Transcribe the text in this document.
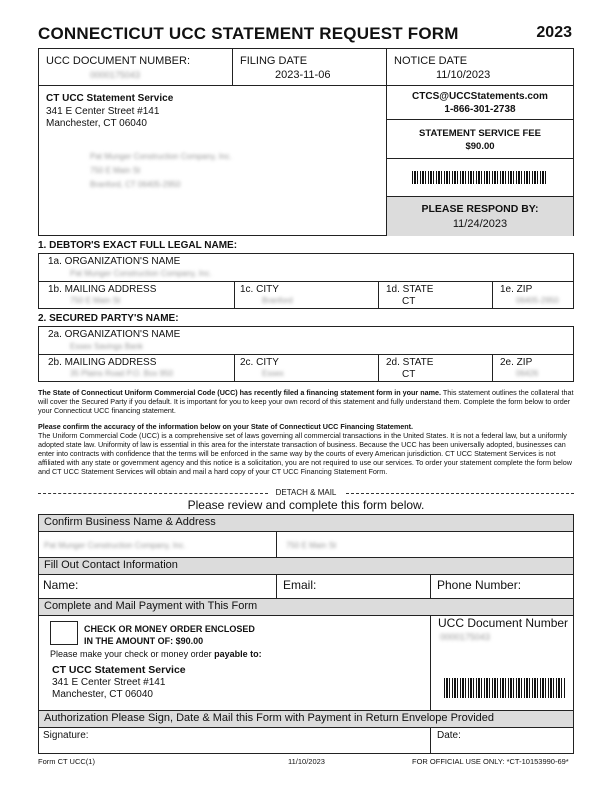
CONNECTICUT UCC STATEMENT REQUEST FORM	2023
UCC DOCUMENT NUMBER:
0000175043
FILING DATE
2023-11-06
NOTICE DATE
11/10/2023
CT UCC Statement Service
341 E Center Street #141
Manchester, CT 06040
Pat Munger Construction Company, Inc.
750 E Main St
Branford, CT 06405-2950
CTCS@UCCStatements.com
1-866-301-2738
STATEMENT SERVICE FEE
$90.00
PLEASE RESPOND BY:
11/24/2023
1. DEBTOR'S EXACT FULL LEGAL NAME:
1a. ORGANIZATION'S NAME
Pat Munger Construction Company, Inc.
1b. MAILING ADDRESS
750 E Main St
1c. CITY
Branford
1d. STATE
CT
1e. ZIP
06405-2950
2. SECURED PARTY'S NAME:
2a. ORGANIZATION'S NAME
Essex Savings Bank
2b. MAILING ADDRESS
35 Plains Road P.O. Box 950
2c. CITY
Essex
2d. STATE
CT
2e. ZIP
06426
The State of Connecticut Uniform Commercial Code (UCC) has recently filed a financing statement form in your name. This statement outlines the collateral that will cover the Secured Party if you default. It is important for you to keep your own record of this statement and fully understand them. Complete the form below to order your Connecticut UCC financing statement.
Please confirm the accuracy of the information below on your State of Connecticut UCC Financing Statement.
The Uniform Commercial Code (UCC) is a comprehensive set of laws governing all commercial transactions in the United States. It is not a federal law, but a uniformly adopted state law. Uniformity of law is essential in this area for the interstate transaction of business. Because the UCC has been universally adopted, businesses can enter into contracts with confidence that the terms will be enforced in the same way by the courts of every American jurisdiction. CT UCC Statement Services is not affiliated with any state or government agency and this notice is a solicitation, you are not required to use our services. To order your statement complete the form below and CT UCC Statement Services will obtain and mail a hard copy of your CT UCC Financing Statement Form.
DETACH & MAIL
Please review and complete this form below.
Confirm Business Name & Address
Pat Munger Construction Company, Inc.	750 E Main St
Fill Out Contact Information
Name:	Email:	Phone Number:
Complete and Mail Payment with This Form
CHECK OR MONEY ORDER ENCLOSED
IN THE AMOUNT OF: $90.00
Please make your check or money order payable to:
CT UCC Statement Service
341 E Center Street #141
Manchester, CT 06040
UCC Document Number
0000175043
Authorization Please Sign, Date & Mail this Form with Payment in Return Envelope Provided
Signature:	Date:
Form CT UCC(1)	11/10/2023	FOR OFFICIAL USE ONLY: *CT-10153990-69*
